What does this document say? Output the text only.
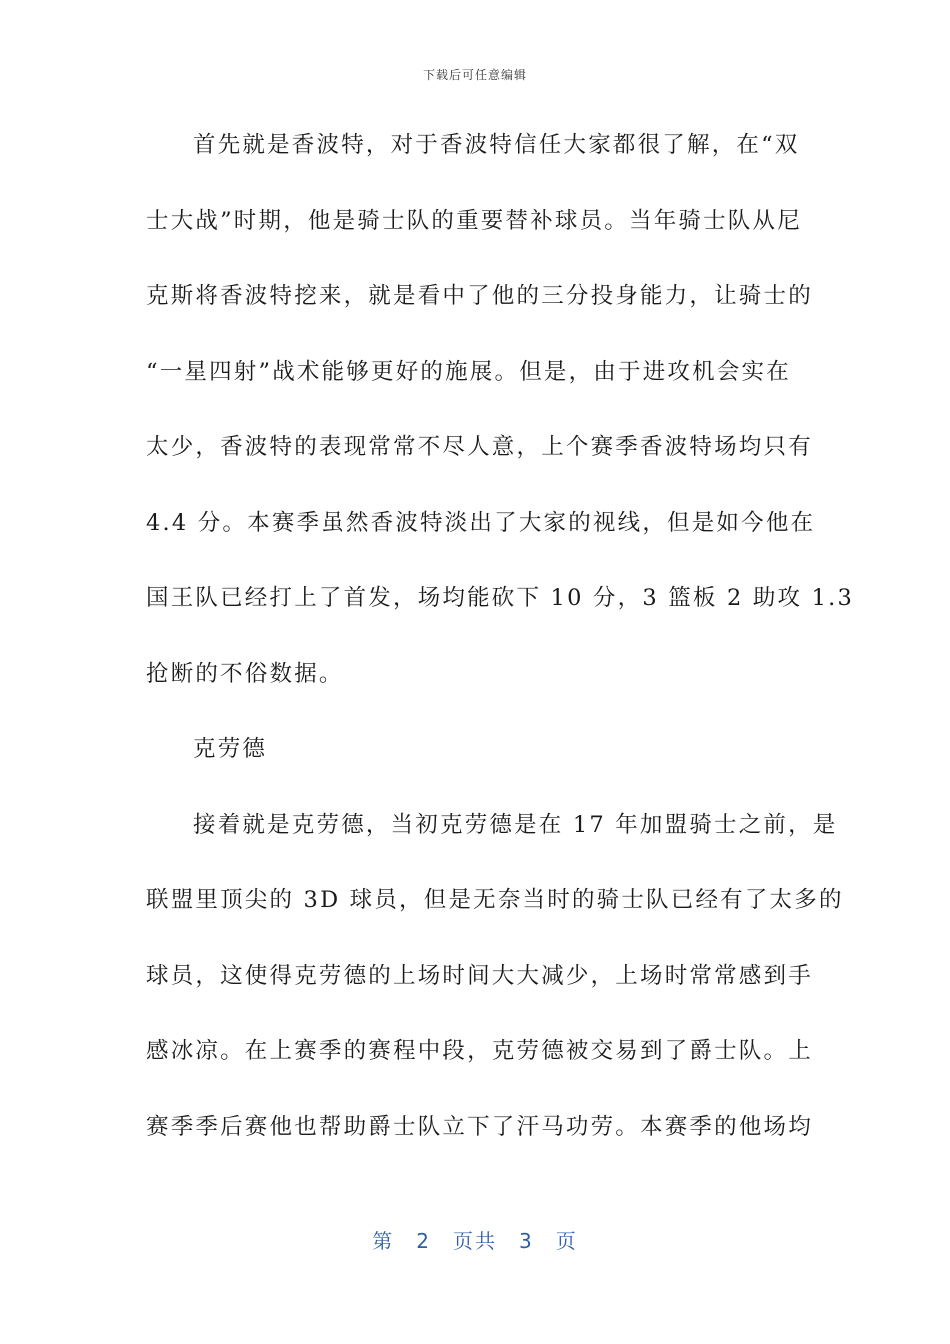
下载后可任意编辑
首先就是香波特，对于香波特信任大家都很了解，在“双
士大战”时期，他是骑士队的重要替补球员。当年骑士队从尼
克斯将香波特挖来，就是看中了他的三分投身能力，让骑士的
“一星四射”战术能够更好的施展。但是，由于进攻机会实在
太少，香波特的表现常常不尽人意，上个赛季香波特场均只有
4.4 分。本赛季虽然香波特淡出了大家的视线，但是如今他在
国王队已经打上了首发，场均能砍下 10 分，3 篮板 2 助攻 1.3
抢断的不俗数据。
克劳德
接着就是克劳德，当初克劳德是在 17 年加盟骑士之前，是
联盟里顶尖的 3D 球员，但是无奈当时的骑士队已经有了太多的
球员，这使得克劳德的上场时间大大减少，上场时常常感到手
感冰凉。在上赛季的赛程中段，克劳德被交易到了爵士队。上
赛季季后赛他也帮助爵士队立下了汗马功劳。本赛季的他场均
第 2 页共 3 页
